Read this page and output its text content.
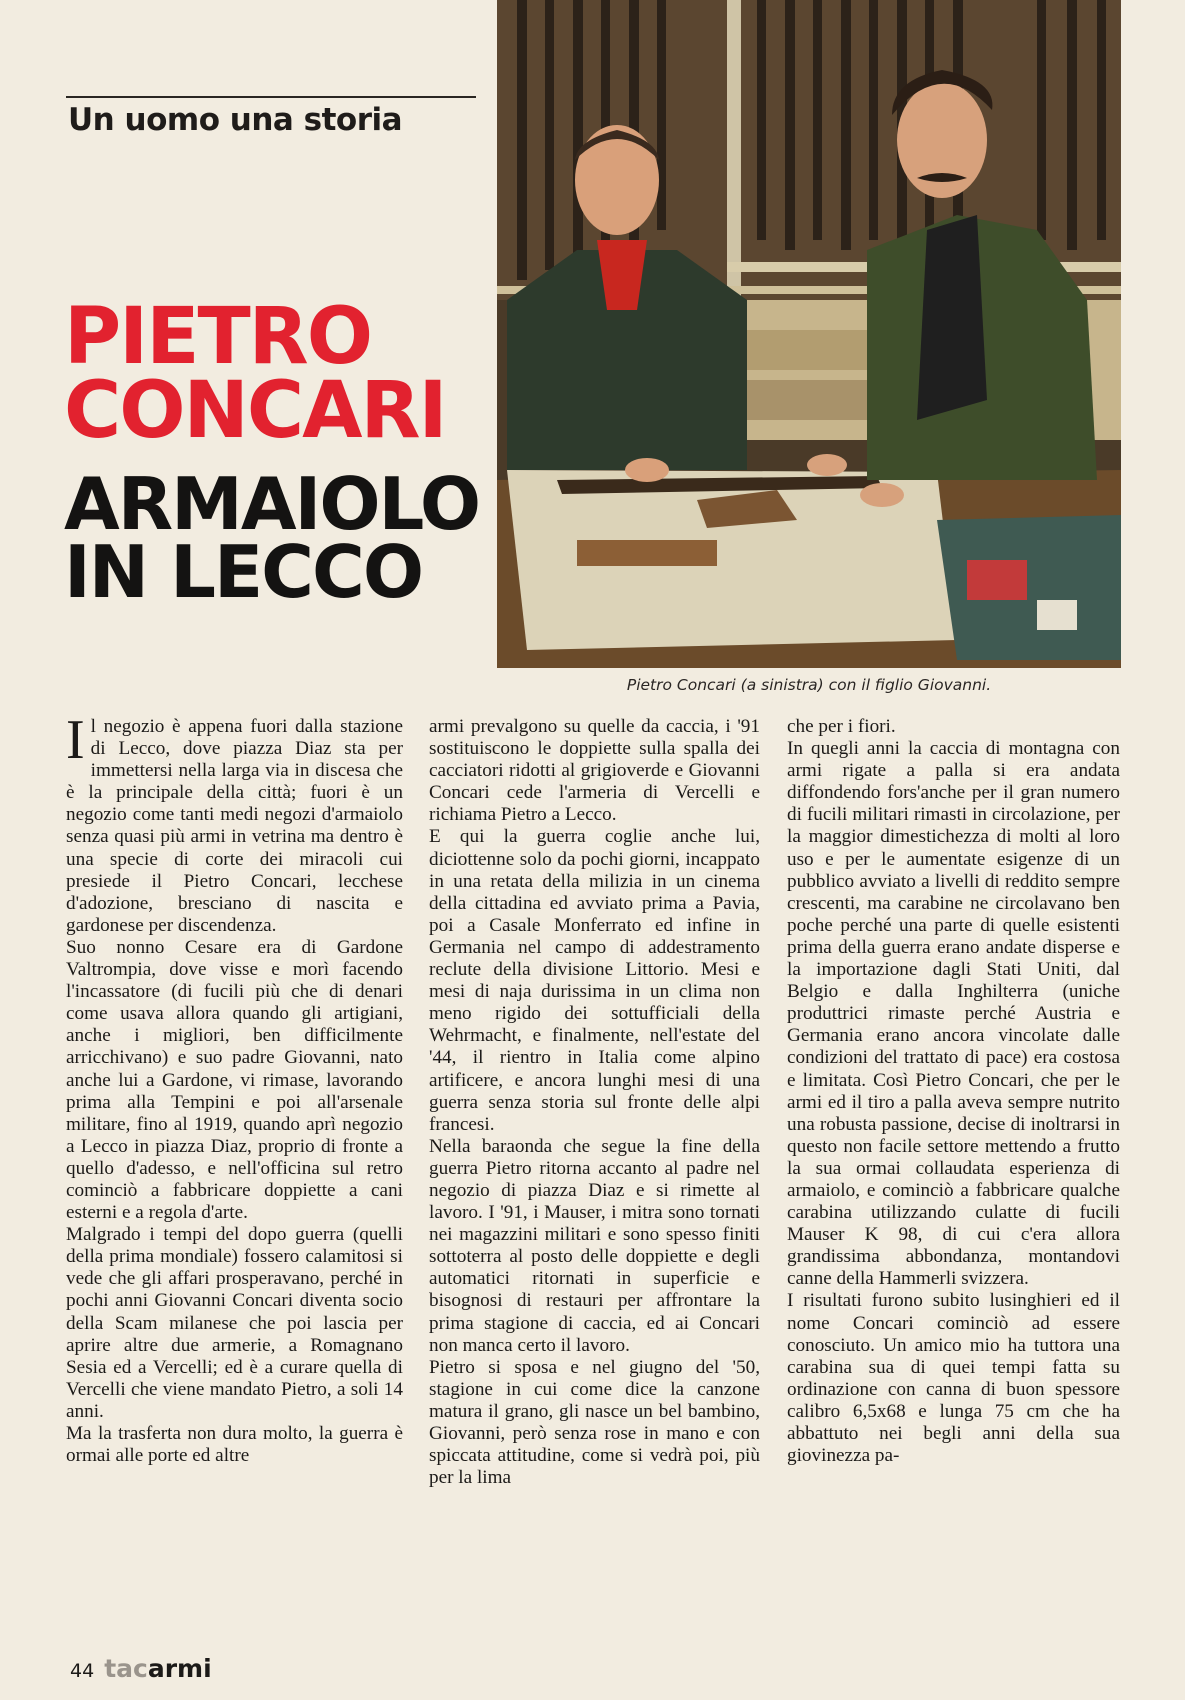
Un uomo una storia
PIETRO
CONCARI
ARMAIOLO
IN LECCO
Pietro Concari (a sinistra) con il figlio Giovanni.
I l negozio è appena fuori dalla stazione di Lecco, dove piazza Diaz sta per immettersi nella larga via in discesa che è la principale della città; fuori è un negozio come tanti medi negozi d'armaiolo senza quasi più armi in vetrina ma dentro è una specie di corte dei miracoli cui presiede il Pietro Concari, lecchese d'adozione, bresciano di nascita e gardonese per discendenza.

Suo nonno Cesare era di Gardone Valtrompia, dove visse e morì facendo l'incassatore (di fucili più che di denari come usava allora quando gli artigiani, anche i migliori, ben difficilmente arricchivano) e suo padre Giovanni, nato anche lui a Gardone, vi rimase, lavorando prima alla Tempini e poi all'arsenale militare, fino al 1919, quando aprì negozio a Lecco in piazza Diaz, proprio di fronte a quello d'adesso, e nell'officina sul retro cominciò a fabbricare doppiette a cani esterni e a regola d'arte.

Malgrado i tempi del dopo guerra (quelli della prima mondiale) fossero calamitosi si vede che gli affari prosperavano, perché in pochi anni Giovanni Concari diventa socio della Scam milanese che poi lascia per aprire altre due armerie, a Romagnano Sesia ed a Vercelli; ed è a curare quella di Vercelli che viene mandato Pietro, a soli 14 anni.

Ma la trasferta non dura molto, la guerra è ormai alle porte ed altre

armi prevalgono su quelle da caccia, i '91 sostituiscono le doppiette sulla spalla dei cacciatori ridotti al grigioverde e Giovanni Concari cede l'armeria di Vercelli e richiama Pietro a Lecco.

E qui la guerra coglie anche lui, diciottenne solo da pochi giorni, incappato in una retata della milizia in un cinema della cittadina ed avviato prima a Pavia, poi a Casale Monferrato ed infine in Germania nel campo di addestramento reclute della divisione Littorio. Mesi e mesi di naja durissima in un clima non meno rigido dei sottufficiali della Wehrmacht, e finalmente, nell'estate del '44, il rientro in Italia come alpino artificere, e ancora lunghi mesi di una guerra senza storia sul fronte delle alpi francesi.

Nella baraonda che segue la fine della guerra Pietro ritorna accanto al padre nel negozio di piazza Diaz e si rimette al lavoro. I '91, i Mauser, i mitra sono tornati nei magazzini militari e sono spesso finiti sottoterra al posto delle doppiette e degli automatici ritornati in superficie e bisognosi di restauri per affrontare la prima stagione di caccia, ed ai Concari non manca certo il lavoro.

Pietro si sposa e nel giugno del '50, stagione in cui come dice la canzone matura il grano, gli nasce un bel bambino, Giovanni, però senza rose in mano e con spiccata attitudine, come si vedrà poi, più per la lima

che per i fiori.

In quegli anni la caccia di montagna con armi rigate a palla si era andata diffondendo fors'anche per il gran numero di fucili militari rimasti in circolazione, per la maggior dimestichezza di molti al loro uso e per le aumentate esigenze di un pubblico avviato a livelli di reddito sempre crescenti, ma carabine ne circolavano ben poche perché una parte di quelle esistenti prima della guerra erano andate disperse e la importazione dagli Stati Uniti, dal Belgio e dalla Inghilterra (uniche produttrici rimaste perché Austria e Germania erano ancora vincolate dalle condizioni del trattato di pace) era costosa e limitata. Così Pietro Concari, che per le armi ed il tiro a palla aveva sempre nutrito una robusta passione, decise di inoltrarsi in questo non facile settore mettendo a frutto la sua ormai collaudata esperienza di armaiolo, e cominciò a fabbricare qualche carabina utilizzando culatte di fucili Mauser K 98, di cui c'era allora grandissima abbondanza, montandovi canne della Hammerli svizzera.

I risultati furono subito lusinghieri ed il nome Concari cominciò ad essere conosciuto. Un amico mio ha tuttora una carabina sua di quei tempi fatta su ordinazione con canna di buon spessore calibro 6,5x68 e lunga 75 cm che ha abbattuto nei begli anni della sua giovinezza pa-

44 tacarmi
